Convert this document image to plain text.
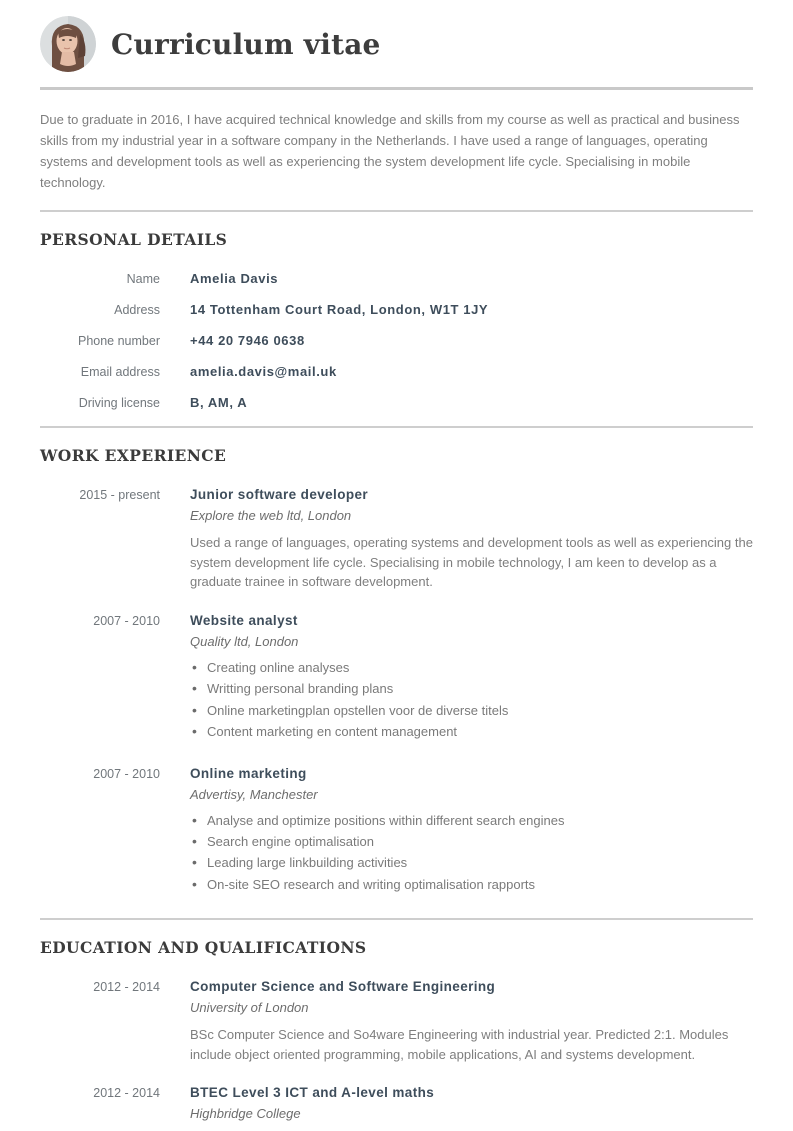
Curriculum vitae

Due to graduate in 2016, I have acquired technical knowledge and skills from my course as well as practical and business skills from my industrial year in a software company in the Netherlands. I have used a range of languages, operating systems and development tools as well as experiencing the system development life cycle. Specialising in mobile technology.

PERSONAL DETAILS
Name Amelia Davis
Address 14 Tottenham Court Road, London, W1T 1JY
Phone number +44 20 7946 0638
Email address amelia.davis@mail.uk
Driving license B, AM, A
WORK EXPERIENCE
2015 - present Junior software developer

Explore the web ltd, London

Used a range of languages, operating systems and development tools as well as experiencing the system development life cycle. Specialising in mobile technology, I am keen to develop as a graduate trainee in software development.

2007 - 2010 Website analyst

Quality ltd, London

• Creating online analyses
• Writting personal branding plans
• Online marketingplan opstellen voor de diverse titels
• Content marketing en content management
2007 - 2010 Online marketing

Advertisy, Manchester

• Analyse and optimize positions within different search engines
• Search engine optimalisation
• Leading large linkbuilding activities
• On-site SEO research and writing optimalisation rapports
EDUCATION AND QUALIFICATIONS
2012 - 2014 Computer Science and Software Engineering

University of London

BSc Computer Science and So4ware Engineering with industrial year. Predicted 2:1. Modules include object oriented programming, mobile applications, AI and systems development.

2012 - 2014 BTEC Level 3 ICT and A-level maths

Highbridge College
